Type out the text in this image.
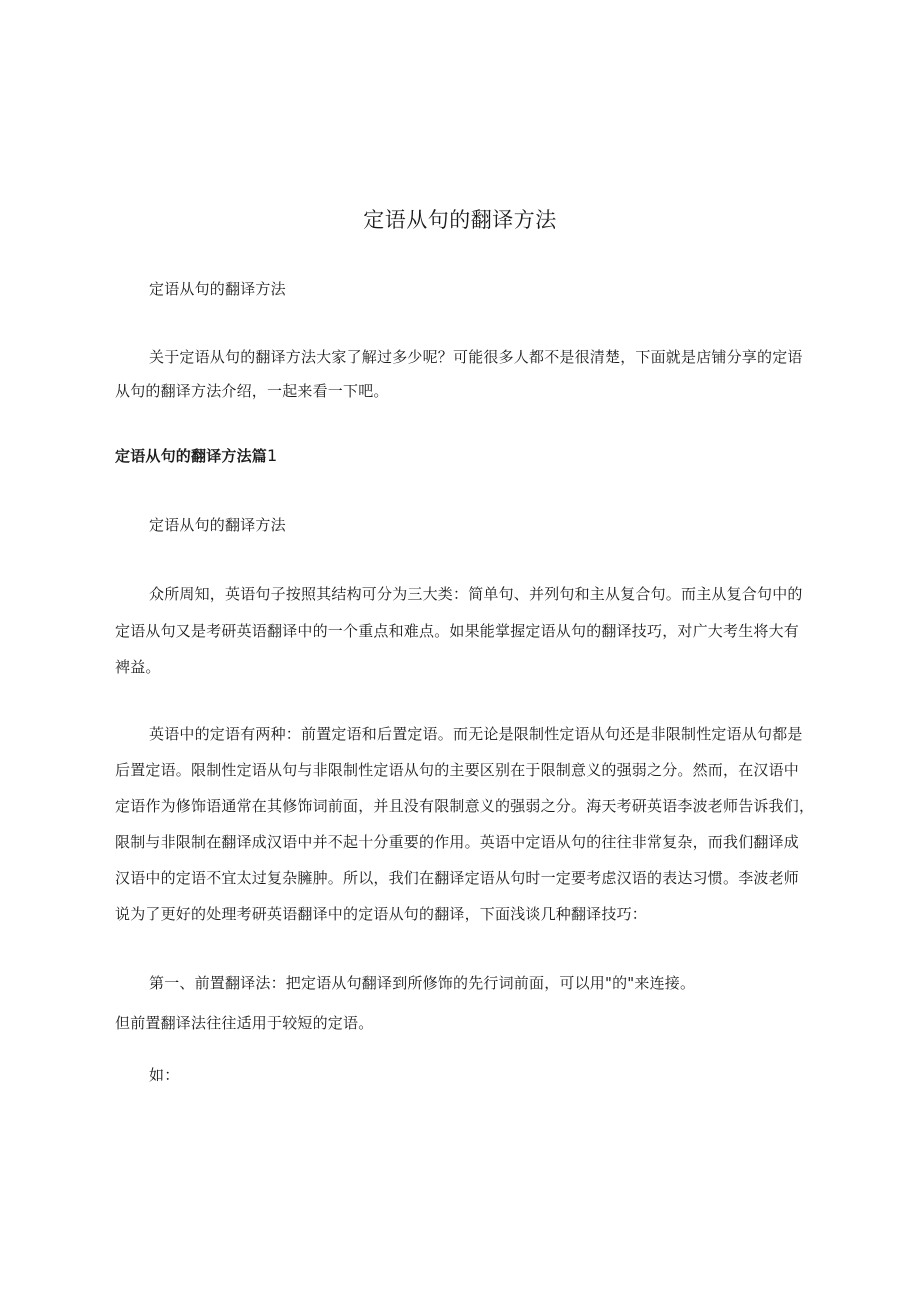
定语从句的翻译方法
定语从句的翻译方法
关于定语从句的翻译方法大家了解过多少呢？可能很多人都不是很清楚，下面就是店铺分享的定语
从句的翻译方法介绍，一起来看一下吧。
定语从句的翻译方法篇1
定语从句的翻译方法
众所周知，英语句子按照其结构可分为三大类：简单句、并列句和主从复合句。而主从复合句中的
定语从句又是考研英语翻译中的一个重点和难点。如果能掌握定语从句的翻译技巧，对广大考生将大有
裨益。
英语中的定语有两种：前置定语和后置定语。而无论是限制性定语从句还是非限制性定语从句都是
后置定语。限制性定语从句与非限制性定语从句的主要区别在于限制意义的强弱之分。然而，在汉语中
定语作为修饰语通常在其修饰词前面，并且没有限制意义的强弱之分。海天考研英语李波老师告诉我们，
限制与非限制在翻译成汉语中并不起十分重要的作用。英语中定语从句的往往非常复杂，而我们翻译成
汉语中的定语不宜太过复杂臃肿。所以，我们在翻译定语从句时一定要考虑汉语的表达习惯。李波老师
说为了更好的处理考研英语翻译中的定语从句的翻译，下面浅谈几种翻译技巧：
第一、前置翻译法：把定语从句翻译到所修饰的先行词前面，可以用"的"来连接。
但前置翻译法往往适用于较短的定语。
如：
